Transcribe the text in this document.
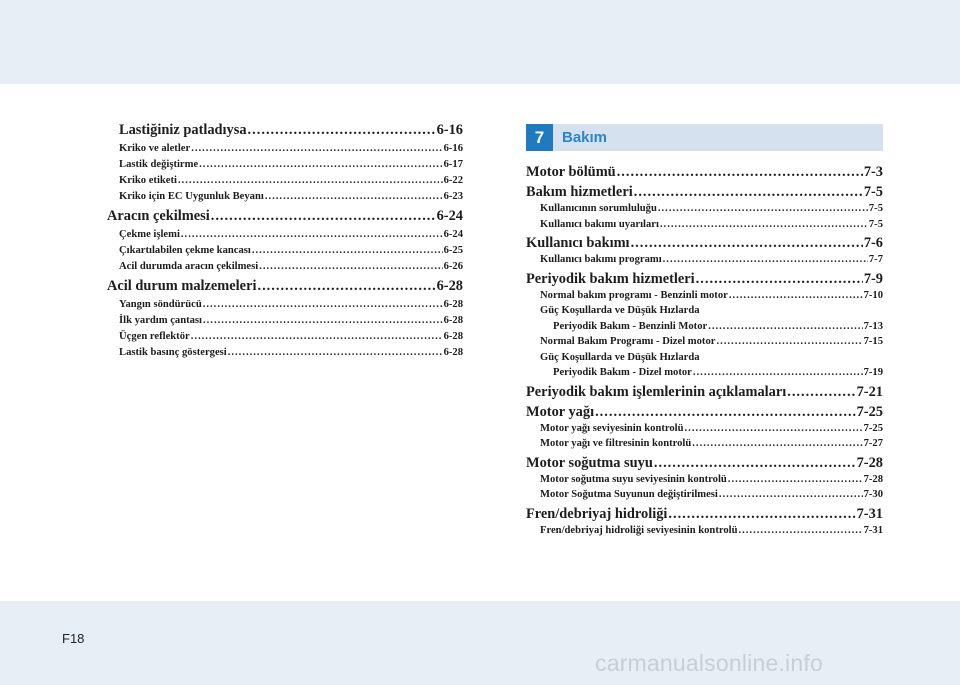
Lastiğiniz patladıysa .....	6-16
Kriko ve aletler .....	6-16
Lastik değiştirme .....	6-17
Kriko etiketi .....	6-22
Kriko için EC Uygunluk Beyanı .....	6-23
Aracın çekilmesi .....	6-24
Çekme işlemi .....	6-24
Çıkartılabilen çekme kancası .....	6-25
Acil durumda aracın çekilmesi .....	6-26
Acil durum malzemeleri .....	6-28
Yangın söndürücü .....	6-28
İlk yardım çantası .....	6-28
Üçgen reflektör .....	6-28
Lastik basınç göstergesi .....	6-28
7	Bakım
Motor bölümü .....	7-3
Bakım hizmetleri .....	7-5
Kullanıcının sorumluluğu .....	7-5
Kullanıcı bakımı uyarıları .....	7-5
Kullanıcı bakımı .....	7-6
Kullanıcı bakımı programı .....	7-7
Periyodik bakım hizmetleri .....	7-9
Normal bakım programı - Benzinli motor .....	7-10
Güç Koşullarda ve Düşük Hızlarda
Periyodik Bakım - Benzinli Motor .....	7-13
Normal Bakım Programı - Dizel motor .....	7-15
Güç Koşullarda ve Düşük Hızlarda
Periyodik Bakım - Dizel motor .....	7-19
Periyodik bakım işlemlerinin açıklamaları .....	7-21
Motor yağı .....	7-25
Motor yağı seviyesinin kontrolü .....	7-25
Motor yağı ve filtresinin kontrolü .....	7-27
Motor soğutma suyu .....	7-28
Motor soğutma suyu seviyesinin kontrolü .....	7-28
Motor Soğutma Suyunun değiştirilmesi .....	7-30
Fren/debriyaj hidroliği .....	7-31
Fren/debriyaj hidroliği seviyesinin kontrolü .....	7-31
F18
carmanualsonline.info
